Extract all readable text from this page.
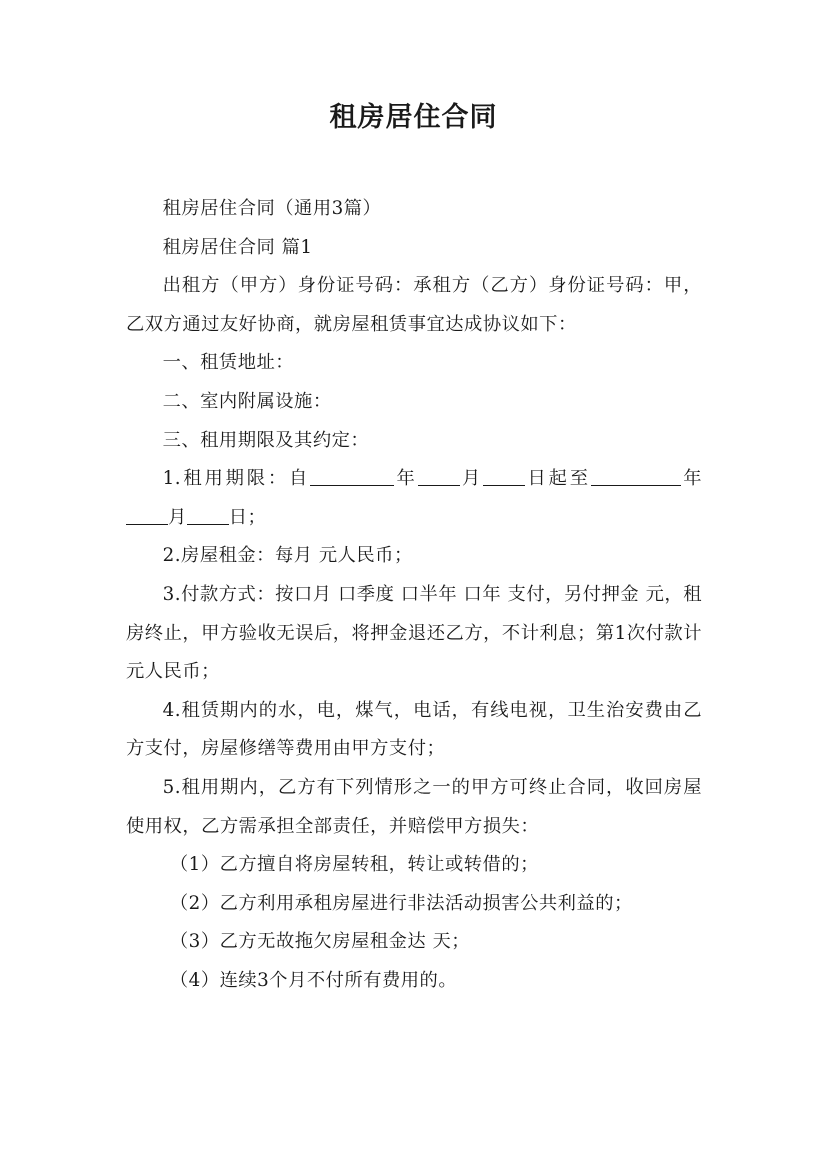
租房居住合同

租房居住合同（通用3篇）

租房居住合同 篇1

出租方（甲方）身份证号码：承租方（乙方）身份证号码：甲，乙双方通过友好协商，就房屋租赁事宜达成协议如下：

一、租赁地址：

二、室内附属设施：

三、租用期限及其约定：

1.租用期限：自	年 月 日起至	年月 日；

2.房屋租金：每月 元人民币；

3.付款方式：按口月 口季度 口半年 口年 支付，另付押金 元，租房终止，甲方验收无误后，将押金退还乙方，不计利息；第1次付款计 元人民币；

4.租赁期内的水，电，煤气，电话，有线电视，卫生治安费由乙方支付，房屋修缮等费用由甲方支付；

5.租用期内，乙方有下列情形之一的甲方可终止合同，收回房屋使用权，乙方需承担全部责任，并赔偿甲方损失：

（1）乙方擅自将房屋转租，转让或转借的；

（2）乙方利用承租房屋进行非法活动损害公共利益的；

（3）乙方无故拖欠房屋租金达 天；

（4）连续3个月不付所有费用的。
